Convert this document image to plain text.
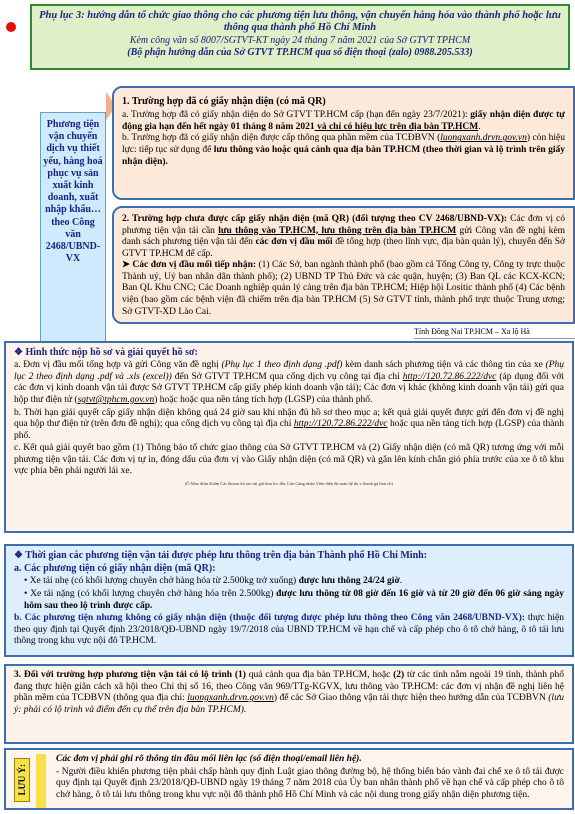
Phụ lục 3: hướng dẫn tổ chức giao thông cho các phương tiện lưu thông, vận chuyển hàng hóa vào thành phố hoặc lưu thông qua thành phố Hồ Chí Minh
Kèm công văn số 8007/SGTVT-KT ngày 24 tháng 7 năm 2021 của Sở GTVT TPHCM
(Bộ phận hướng dẫn của Sở GTVT TP.HCM qua số điện thoại (zalo) 0988.205.533)
Phương tiện vận chuyển dịch vụ thiết yếu, hàng hoá phục vụ sản xuất kinh doanh, xuất nhập khẩu… theo Công văn 2468/UBND-VX
1. Trường hợp đã có giấy nhận diện (có mã QR)
a. Trường hợp đã có giấy nhận diện do Sở GTVT TP.HCM cấp (hạn đến ngày 23/7/2021): giấy nhận diện được tự động gia hạn đến hết ngày 01 tháng 8 năm 2021 và chỉ có hiệu lực trên địa bàn TP.HCM.
b. Trường hợp đã có giấy nhận diện được cấp thông qua phần mềm của TCĐBVN (luongxanh.drvn.gov.vn) còn hiệu lực: tiếp tục sử dụng để lưu thông vào hoặc quá cảnh qua địa bàn TP.HCM (theo thời gian và lộ trình trên giấy nhận diện).
2. Trường hợp chưa được cấp giấy nhận diện (mã QR) (đối tượng theo CV 2468/UBND-VX): Các đơn vị có phương tiện vận tải cần lưu thông vào TP.HCM, lưu thông trên địa bàn TP.HCM gửi Công văn đề nghị kèm danh sách phương tiện vận tải đến các đơn vị đầu mối đề tổng hợp (theo lĩnh vực, địa bàn quản lý), chuyển đến Sở GTVT TP.HCM để cấp.
➤ Các đơn vị đầu mối tiếp nhận: (1) Các Sở, ban ngành thành phố (bao gồm cả Tổng Công ty, Công ty trực thuộc Thành uỷ, Uỷ ban nhân dân thành phố); (2) UBND TP Thủ Đức và các quận, huyện; (3) Ban QL các KCX-KCN; Ban QL Khu CNC; Các Doanh nghiệp quản lý cảng trên địa bàn TP.HCM; Hiệp hội Lositic thành phố (4) Các bệnh viện (bao gồm các bệnh viện đã chiếm trên địa bàn TP.HCM (5) Sở GTVT tỉnh, thành phố trực thuộc Trung ương; Sở GTVT-XD Lào Cai.
Tỉnh Đồng Nai TP.HCM – Xa lộ Hà

❖ Hình thức nộp hồ sơ và giải quyết hồ sơ:

a. Đơn vị đầu mối tổng hợp và gửi Công văn đề nghị (Phụ lục 1 theo định dạng .pdf) kèm danh sách phương tiện và các thông tin của xe (Phụ lục 2 theo định dạng .pdf và .xls (excel)) đến Sở GTVT TP.HCM qua cổng dịch vụ công tại địa chỉ http://120.72.86.222/dvc (áp dụng đối với các đơn vị kinh doanh vận tải được Sở GTVT TP.HCM cấp giấy phép kinh doanh vận tải); Các đơn vị khác (không kinh doanh vận tải) gửi qua hộp thư điện tử (sgtvt@tphcm.gov.vn) hoặc hoặc qua nền tảng tích hợp (LGSP) của thành phố.

b. Thời hạn giải quyết cấp giấy nhận diện không quá 24 giờ sau khi nhận đủ hồ sơ theo mục a; kết quả giải quyết được gửi đến đơn vị đề nghị qua hộp thư điện tử (trên đơn đề nghị); qua cổng dịch vụ công tại địa chỉ http://120.72.86.222/dvc hoặc qua nền tảng tích hợp (LGSP) của thành phố.

c. Kết quả giải quyết bao gồm (1) Thông báo tổ chức giao thông của Sở GTVT TP.HCM và (2) Giấy nhận diện (có mã QR) tương ứng với mỗi phương tiện vận tải. Các đơn vị tự in, đóng dấu của đơn vị vào Giấy nhận diện (có mã QR) và gắn lên kính chắn gió phía trước của xe ô tô khu vực phía bên phải người lái xe.

(Ô Mao đóm Ktâm Cải thoton ká rao rài giá bun loc đác Cảu Cảng nhân Viện diện đa tuản hệ du v thanh gà hon ch)

❖ Thời gian các phương tiện vận tải được phép lưu thông trên địa bàn Thành phố Hồ Chí Minh:

a. Các phương tiện có giấy nhận diện (mã QR):

• Xe tải nhẹ (có khối lượng chuyên chở hàng hóa từ 2.500kg trở xuống) được lưu thông 24/24 giờ.

• Xe tải nặng (có khối lượng chuyên chở hàng hóa trên 2.500kg) được lưu thông từ 08 giờ đến 16 giờ và từ 20 giờ đến 06 giờ sáng ngày hôm sau theo lộ trình được cấp.

b. Các phương tiện nhưng không có giấy nhận diện (thuộc đối tượng được phép lưu thông theo Công văn 2468/UBND-VX): thực hiện theo quy định tại Quyết định 23/2018/QĐ-UBND ngày 19/7/2018 của UBND TP.HCM về hạn chế và cấp phép cho ô tô chở hàng, ô tô tải lưu thông trong khu vực nội đô TP.HCM.

3. Đối với trường hợp phương tiện vận tải có lộ trình (1) quá cảnh qua địa bàn TP.HCM, hoặc (2) từ các tỉnh nằm ngoài 19 tỉnh, thành phố đang thực hiện giãn cách xã hội theo Chỉ thị số 16, theo Công văn 969/TTg-KGVX, lưu thông vào TP.HCM: các đơn vị nhận đề nghị liên hệ phần mềm của TCĐBVN (thông qua địa chỉ: luongxanh.drvn.gov.vn) để các Sở Giao thông vận tải thực hiện theo hướng dẫn của TCĐBVN (lưu ý: phải có lộ trình và điểm đến cụ thể trên địa bàn TP.HCM).

LƯU Ý:

Các đơn vị phải ghi rõ thông tin đầu mối liên lạc (số điện thoại/email liên hệ).

- Người điều khiển phương tiện phải chấp hành quy định Luật giao thông đường bộ, hệ thống biển báo vành đai chế xe ô tô tải được quy định tại Quyết định 23/2018/QĐ-UBND ngày 19 tháng 7 năm 2018 của Ủy ban nhân thành phố về hạn chế và cấp phép cho ô tô chở hàng, ô tô tải lưu thông trong khu vực nội đô thành phố Hồ Chí Minh và các nội dung trong giấy nhận diện phương tiện.
